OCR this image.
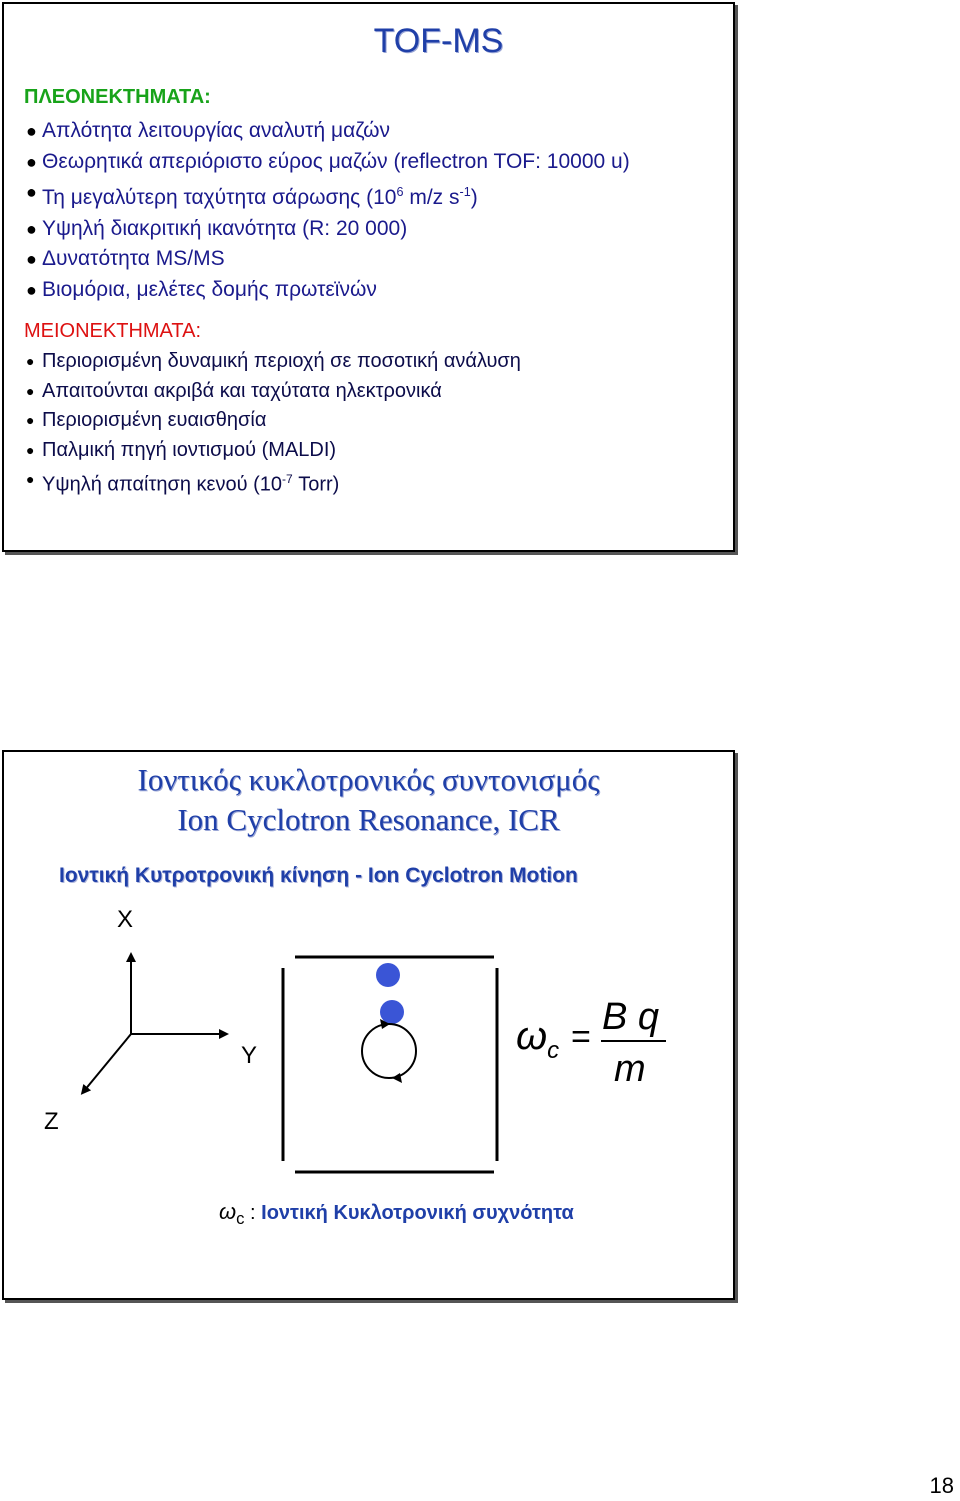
TOF-MS
ΠΛΕΟΝΕΚΤΗΜΑΤΑ:
● Απλότητα λειτουργίας αναλυτή μαζών
● Θεωρητικά απεριόριστο εύρος μαζών (reflectron TOF: 10000 u)
● Τη μεγαλύτερη ταχύτητα σάρωσης ($10^6$ m/z $s^{-1}$)
● Υψηλή διακριτική ικανότητα (R: 20 000)
● Δυνατότητα MS/MS
● Βιομόρια, μελέτες δομής πρωτεϊνών
ΜΕΙΟΝΕΚΤΗΜΑΤΑ:
● Περιορισμένη δυναμική περιοχή σε ποσοτική ανάλυση
● Απαιτούνται ακριβά και ταχύτατα ηλεκτρονικά
● Περιορισμένη ευαισθησία
● Παλμική πηγή ιοντισμού (MALDI)
● Υψηλή απαίτηση κενού ($10^{-7}$ Torr)
Ιοντικός κυκλοτρονικός συντονισμός
Ion Cyclotron Resonance, ICR
Ιοντική Κυτροτρονική κίνηση - Ion Cyclotron Motion
X
Y
Z
$\omega_c = B$ q
m
$\omega_c$ : Ιοντική Κυκλοτρονική συχνότητα
18
